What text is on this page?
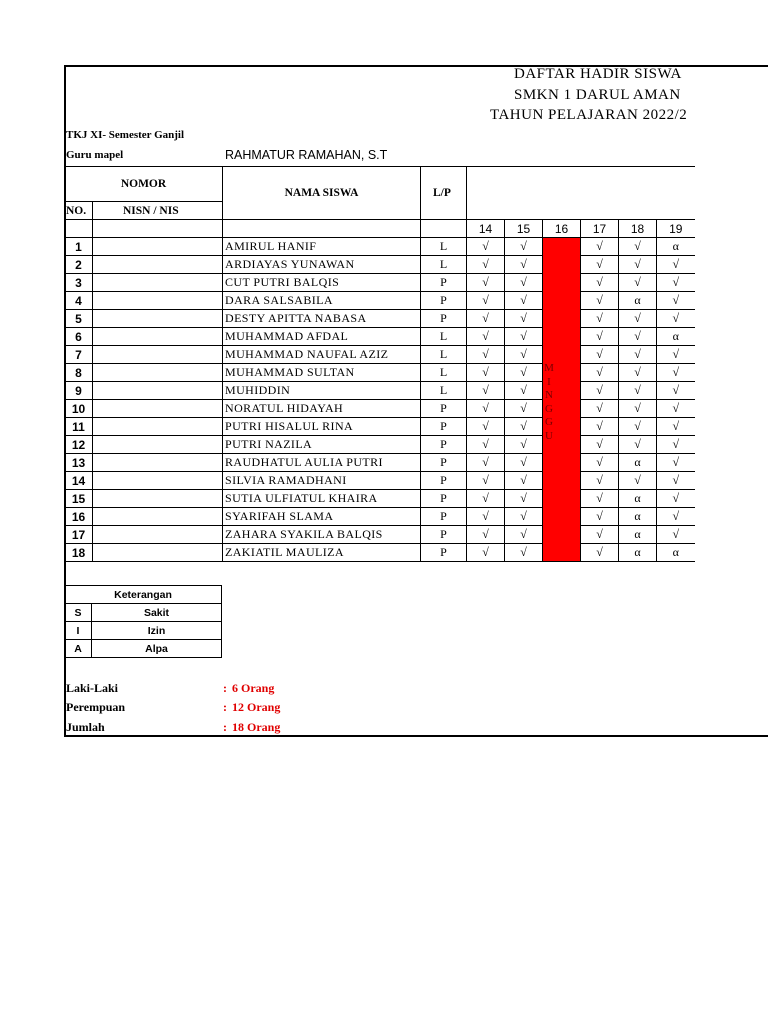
DAFTAR HADIR SISWA
SMKN 1 DARUL AMAN
TAHUN PELAJARAN 2022/2
TKJ XI- Semester Ganjil
Guru mapel	RAHMATUR RAMAHAN, S.T
NOMOR		NAMA SISWA	L/P						
NO.	NISN / NIS								
				14	15	16	17	18	19
1		AMIRUL HANIF	L	√	√		√	√	α
2		ARDIAYAS YUNAWAN	L	√	√		√	√	√
3		CUT PUTRI BALQIS	P	√	√		√	√	√
4		DARA SALSABILA	P	√	√		√	α	√
5		DESTY APITTA NABASA	P	√	√		√	√	√
6		MUHAMMAD AFDAL	L	√	√		√	√	α
7		MUHAMMAD NAUFAL AZIZ	L	√	√		√	√	√
8		MUHAMMAD SULTAN	L	√	√		√	√	√
9		MUHIDDIN	L	√	√		√	√	√
10		NORATUL HIDAYAH	P	√	√		√	√	√
11		PUTRI HISALUL RINA	P	√	√		√	√	√
12		PUTRI NAZILA	P	√	√		√	√	√
13		RAUDHATUL AULIA PUTRI	P	√	√		√	α	√
14		SILVIA RAMADHANI	P	√	√		√	√	√
15		SUTIA ULFIATUL KHAIRA	P	√	√		√	α	√
16		SYARIFAH SLAMA	P	√	√		√	α	√
17		ZAHARA SYAKILA BALQIS	P	√	√		√	α	√
18		ZAKIATIL MAULIZA	P	√	√		√	α	α
M
I
N
G
G
U
Keterangan	
S	Sakit
I	Izin
A	Alpa
Laki-Laki	: 6 Orang
Perempuan	: 12 Orang
Jumlah	: 18 Orang
